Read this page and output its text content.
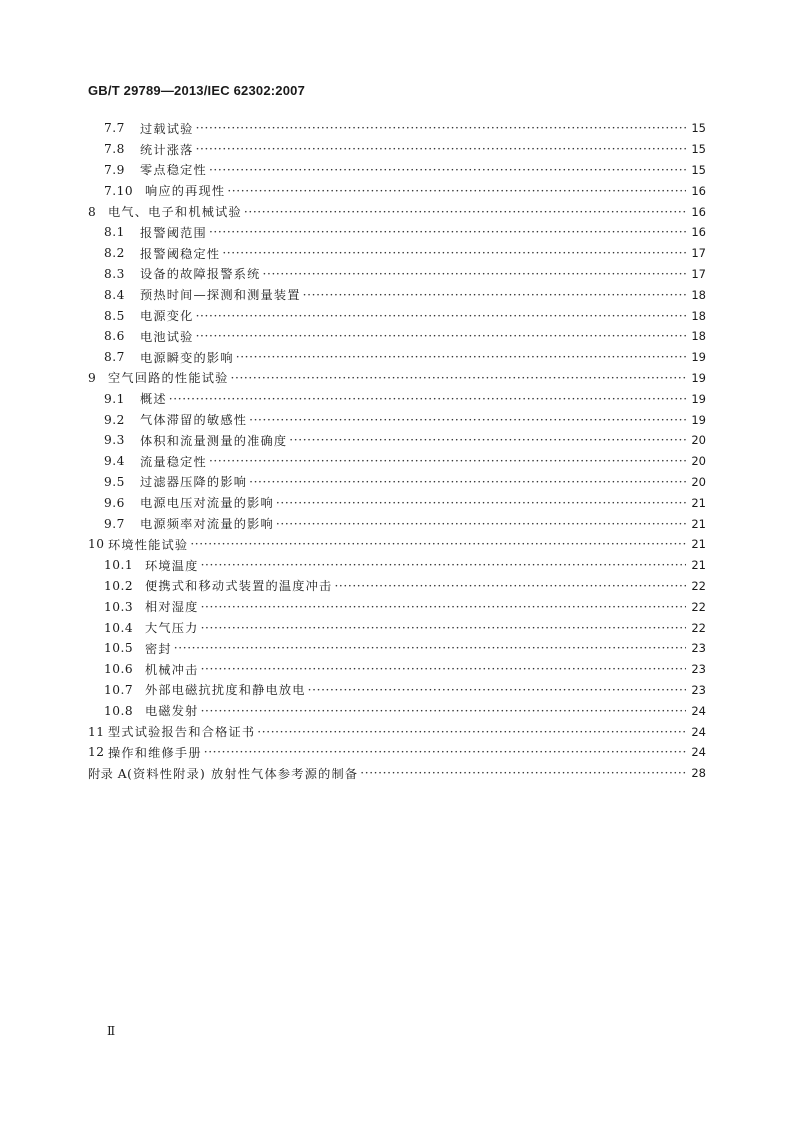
GB/T 29789—2013/IEC 62302:2007
7.7	过载试验 ·····	15
7.8	统计涨落 ·····	15
7.9	零点稳定性 ·····	15
7.10 响应的再现性 ·····	16
8 电气、电子和机械试验 ·····	16
8.1	报警阈范围 ·····	16
8.2	报警阈稳定性 ·····	17
8.3	设备的故障报警系统 ·····	17
8.4	预热时间—探测和测量装置 ·····	18
8.5	电源变化 ·····	18
8.6	电池试验 ·····	18
8.7	电源瞬变的影响 ·····	19
9 空气回路的性能试验 ·····	19
9.1	概述 ·····	19
9.2	气体滞留的敏感性 ·····	19
9.3	体积和流量测量的准确度 ·····	20
9.4	流量稳定性 ·····	20
9.5	过滤器压降的影响 ·····	20
9.6	电源电压对流量的影响 ·····	21
9.7	电源频率对流量的影响 ·····	21
10 环境性能试验 ·····	21
10.1 环境温度 ·····	21
10.2 便携式和移动式装置的温度冲击 ·····	22
10.3 相对湿度 ·····	22
10.4 大气压力 ·····	22
10.5 密封 ·····	23
10.6 机械冲击 ·····	23
10.7 外部电磁抗扰度和静电放电 ·····	23
10.8 电磁发射 ·····	24
11 型式试验报告和合格证书 ·····	24
12 操作和维修手册 ·····	24
附录 A (资料性附录) 放射性气体参考源的制备 ·····	28
Ⅱ
